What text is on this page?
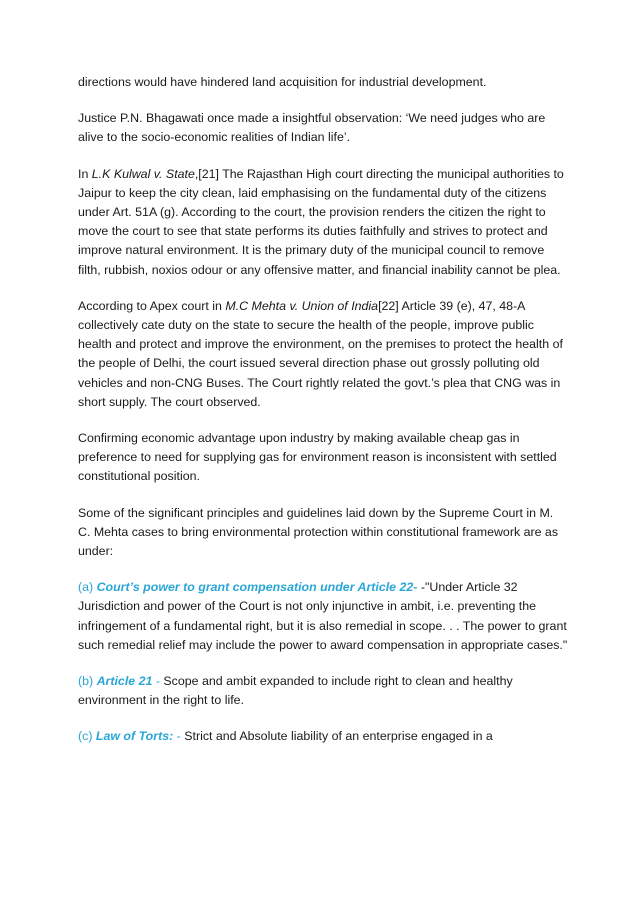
directions would have hindered land acquisition for industrial development.

Justice P.N. Bhagawati once made a insightful observation: ‘We need judges who are alive to the socio-economic realities of Indian life’.

In L.K Kulwal v. State,[21] The Rajasthan High court directing the municipal authorities to Jaipur to keep the city clean, laid emphasising on the fundamental duty of the citizens under Art. 51A (g). According to the court, the provision renders the citizen the right to move the court to see that state performs its duties faithfully and strives to protect and improve natural environment. It is the primary duty of the municipal council to remove filth, rubbish, noxios odour or any offensive matter, and financial inability cannot be plea.

According to Apex court in M.C Mehta v. Union of India[22] Article 39 (e), 47, 48-A collectively cate duty on the state to secure the health of the people, improve public health and protect and improve the environment, on the premises to protect the health of the people of Delhi, the court issued several direction phase out grossly polluting old vehicles and non-CNG Buses. The Court rightly related the govt.’s plea that CNG was in short supply. The court observed.

Confirming economic advantage upon industry by making available cheap gas in preference to need for supplying gas for environment reason is inconsistent with settled constitutional position.

Some of the significant principles and guidelines laid down by the Supreme Court in M. C. Mehta cases to bring environmental protection within constitutional framework are as under:

(a) Court’s power to grant compensation under Article 22- -"Under Article 32 Jurisdiction and power of the Court is not only injunctive in ambit, i.e. preventing the infringement of a fundamental right, but it is also remedial in scope. . . The power to grant such remedial relief may include the power to award compensation in appropriate cases."

(b) Article 21 - Scope and ambit expanded to include right to clean and healthy environment in the right to life.

(c) Law of Torts: - Strict and Absolute liability of an enterprise engaged in a
